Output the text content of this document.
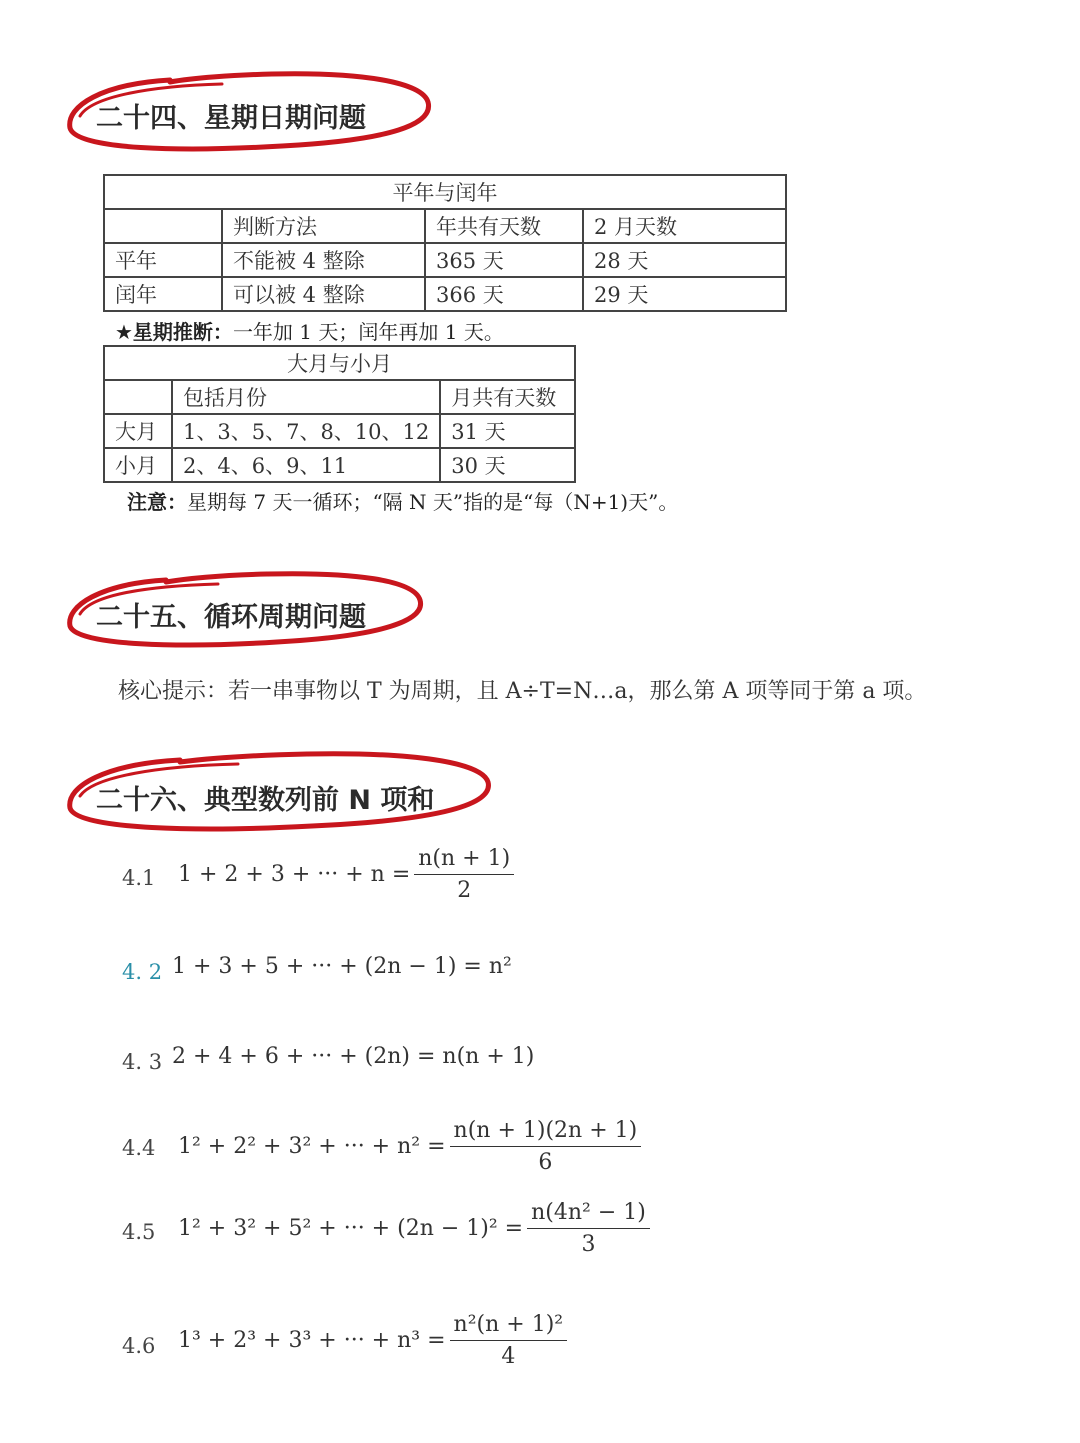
二十四、星期日期问题
平年与闰年			
	判断方法	年共有天数	2 月天数
平年	不能被 4 整除	365 天	28 天
闰年	可以被 4 整除	366 天	29 天
★星期推断：一年加 1 天；闰年再加 1 天。
大月与小月		
	包括月份	月共有天数
大月	1、3、5、7、8、10、12	31 天
小月	2、4、6、9、11	30 天
注意：星期每 7 天一循环；“隔 N 天”指的是“每（N+1)天”。
二十五、循环周期问题
核心提示：若一串事物以 T 为周期，且 A÷T=N…a，那么第 A 项等同于第 a 项。
二十六、典型数列前 N 项和
4.1 1 + 2 + 3 + ··· + $n = \frac{n(n + 1)}{2}$
4. 2 1 + 3 + 5 + ··· + (2n − 1) = n²
4. 3 2 + 4 + 6 + ··· + (2n) = n(n + 1)
4.4 1² + 2² + 3² + ··· + $n^2 = \frac{n(n + 1)(2n + 1)}{6}$
4.5 1² + 3² + 5² + ··· + $(2n - 1)^2 = \frac{\text{n(4n² − 1)}}{3}$
4.6 1³ + 2³ + 3³ + ··· + $n^3 = \frac{\text{n²(n + 1)²}}{4}$
